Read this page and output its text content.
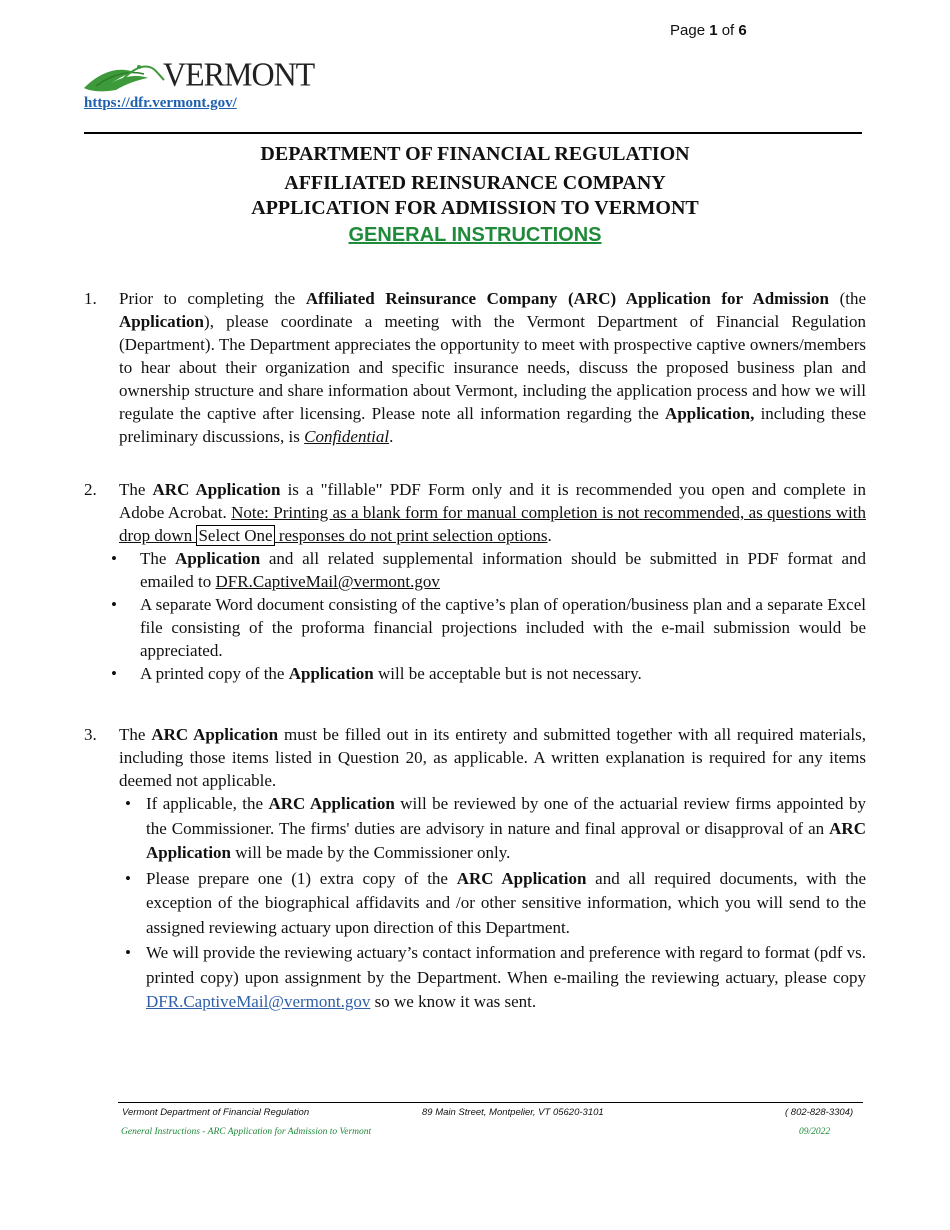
Page 1 of 6
VERMONT
https://dfr.vermont.gov/
DEPARTMENT OF FINANCIAL REGULATION
AFFILIATED REINSURANCE COMPANY
APPLICATION FOR ADMISSION TO VERMONT
GENERAL INSTRUCTIONS
1. Prior to completing the Affiliated Reinsurance Company (ARC) Application for Admission (the Application), please coordinate a meeting with the Vermont Department of Financial Regulation (Department). The Department appreciates the opportunity to meet with prospective captive owners/members to hear about their organization and specific insurance needs, discuss the proposed business plan and ownership structure and share information about Vermont, including the application process and how we will regulate the captive after licensing. Please note all information regarding the Application, including these preliminary discussions, is Confidential.
2. The ARC Application is a "fillable" PDF Form only and it is recommended you open and complete in Adobe Acrobat. Note: Printing as a blank form for manual completion is not recommended, as questions with drop down Select One responses do not print selection options.
• The Application and all related supplemental information should be submitted in PDF format and emailed to DFR.CaptiveMail@vermont.gov
• A separate Word document consisting of the captive’s plan of operation/business plan and a separate Excel file consisting of the proforma financial projections included with the e-mail submission would be appreciated.
• A printed copy of the Application will be acceptable but is not necessary.
3. The ARC Application must be filled out in its entirety and submitted together with all required materials, including those items listed in Question 20, as applicable. A written explanation is required for any items deemed not applicable.
• If applicable, the ARC Application will be reviewed by one of the actuarial review firms appointed by the Commissioner. The firms' duties are advisory in nature and final approval or disapproval of an ARC Application will be made by the Commissioner only.
• Please prepare one (1) extra copy of the ARC Application and all required documents, with the exception of the biographical affidavits and /or other sensitive information, which you will send to the assigned reviewing actuary upon direction of this Department.
• We will provide the reviewing actuary’s contact information and preference with regard to format (pdf vs. printed copy) upon assignment by the Department. When e-mailing the reviewing actuary, please copy DFR.CaptiveMail@vermont.gov so we know it was sent.
Vermont Department of Financial Regulation	89 Main Street, Montpelier, VT 05620-3101	( 802-828-3304)
General Instructions - ARC Application for Admission to Vermont	09/2022
